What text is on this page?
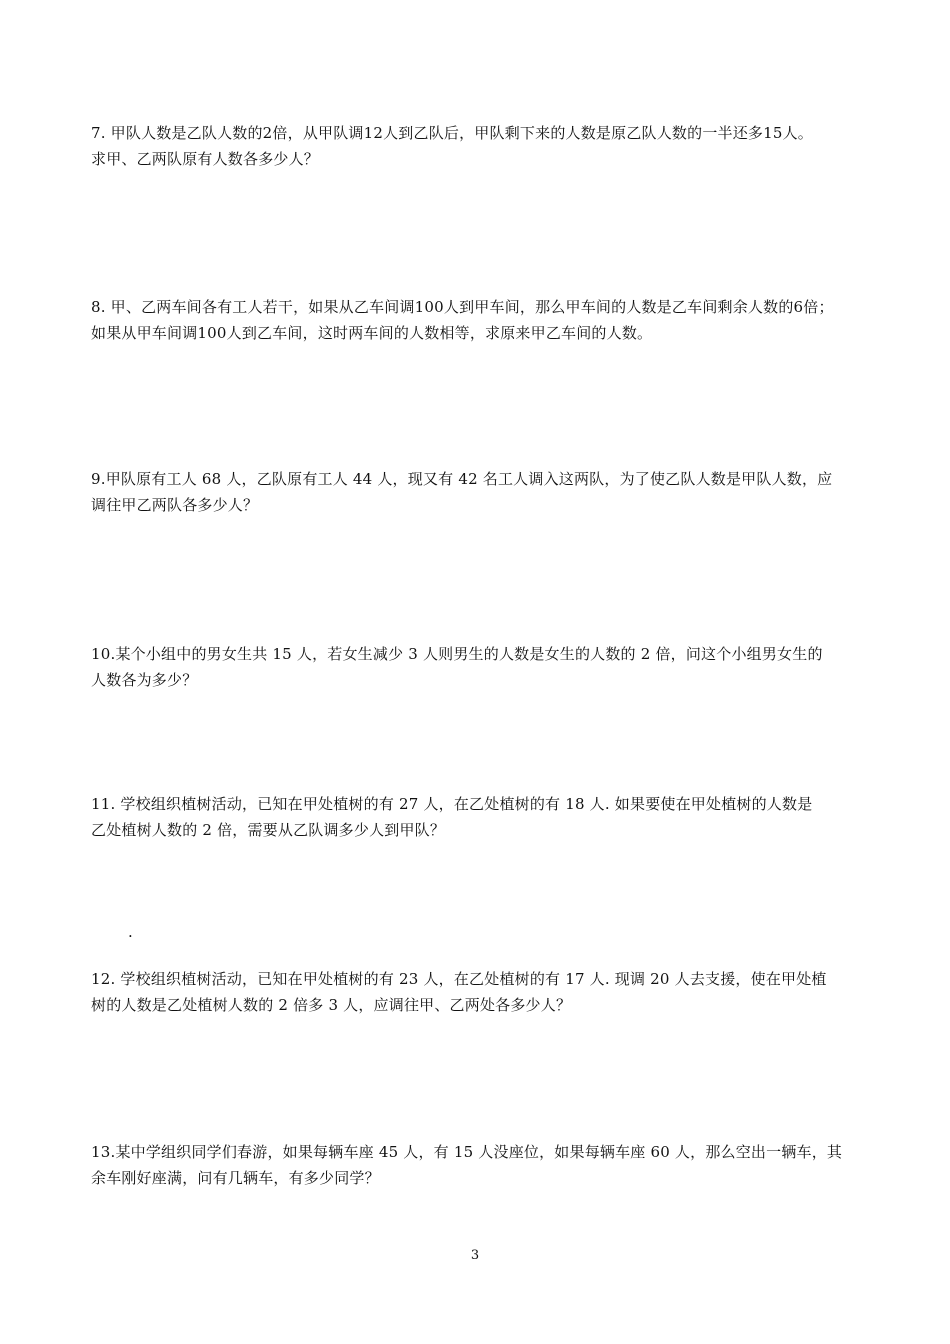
7. 甲队人数是乙队人数的2倍，从甲队调12人到乙队后，甲队剩下来的人数是原乙队人数的一半还多15人。
求甲、乙两队原有人数各多少人？
8. 甲、乙两车间各有工人若干，如果从乙车间调100人到甲车间，那么甲车间的人数是乙车间剩余人数的6倍；
如果从甲车间调100人到乙车间，这时两车间的人数相等，求原来甲乙车间的人数。
9.甲队原有工人 68 人，乙队原有工人 44 人，现又有 42 名工人调入这两队，为了使乙队人数是甲队人数，应
调往甲乙两队各多少人？
10.某个小组中的男女生共 15 人，若女生减少 3 人则男生的人数是女生的人数的 2 倍，问这个小组男女生的
人数各为多少？
11. 学校组织植树活动，已知在甲处植树的有 27 人，在乙处植树的有 18 人. 如果要使在甲处植树的人数是
乙处植树人数的 2 倍，需要从乙队调多少人到甲队？
.
12. 学校组织植树活动，已知在甲处植树的有 23 人，在乙处植树的有 17 人. 现调 20 人去支援，使在甲处植
树的人数是乙处植树人数的 2 倍多 3 人，应调往甲、乙两处各多少人？
13.某中学组织同学们春游，如果每辆车座 45 人，有 15 人没座位，如果每辆车座 60 人，那么空出一辆车，其
余车刚好座满，问有几辆车，有多少同学？
3
